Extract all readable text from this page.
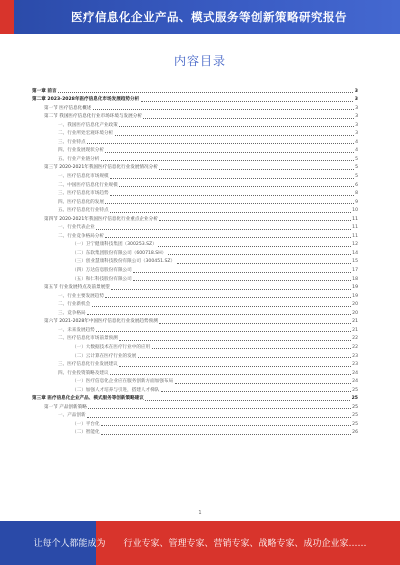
医疗信息化企业产品、模式服务等创新策略研究报告
内容目录
第一章 前言	3
第二章 2023-2028年医疗信息化市场发展趋势分析	3
第一节 医疗信息化概述	3
第二节 我国医疗信息化行业市场环境与发展分析	3
一、我国医疗信息化产业政策	3
二、行业所处宏观环境分析	3
三、行业特点	4
四、行业发展现状分析	4
五、行业产业链分析	5
第三节 2020-2021年我国医疗信息化行业发展情况分析	5
一、医疗信息化市场规模	5
二、中国医疗信息化行业规模	6
三、医疗信息化市场趋势	8
四、医疗信息化的发展	9
五、医疗信息化行业特点	10
第四节 2020-2021年我国医疗信息化行业重点企业分析	11
一、行业代表企业	11
二、行业竞争格局分析	11
（一）卫宁健康科技集团（300253.SZ）	12
（二）东软集团股份有限公司（600718.SH）	14
（三）创业慧康科技股份有限公司（300451.SZ）	15
（四）万达信息股份有限公司	17
（五）和仁科技股份有限公司	18
第五节 行业发展特点及前景展望	19
一、行业主要发展趋势	19
二、行业新机会	20
三、竞争格局	20
第六节 2021-2028年中国医疗信息化行业发展趋势预测	21
一、未来发展趋势	21
二、医疗信息化市场前景预测	22
（一）大数据技术在医疗行业中的应用	22
（二）云计算在医疗行业的发展	23
三、医疗信息化行业发展建议	23
四、行业投资策略及建议	24
（一）医疗信息化企业应在服务创新方面加强布局	24
（二）加强人才培养与引进，搭建人才梯队	25
第三章 医疗信息化企业产品、模式服务等创新策略建议	25
第一节 产品创新策略	25
一、产品创新	25
（一）平台化	25
（二）智能化	26
1
让每个人都能成为 行业专家、管理专家、营销专家、战略专家、成功企业家……
